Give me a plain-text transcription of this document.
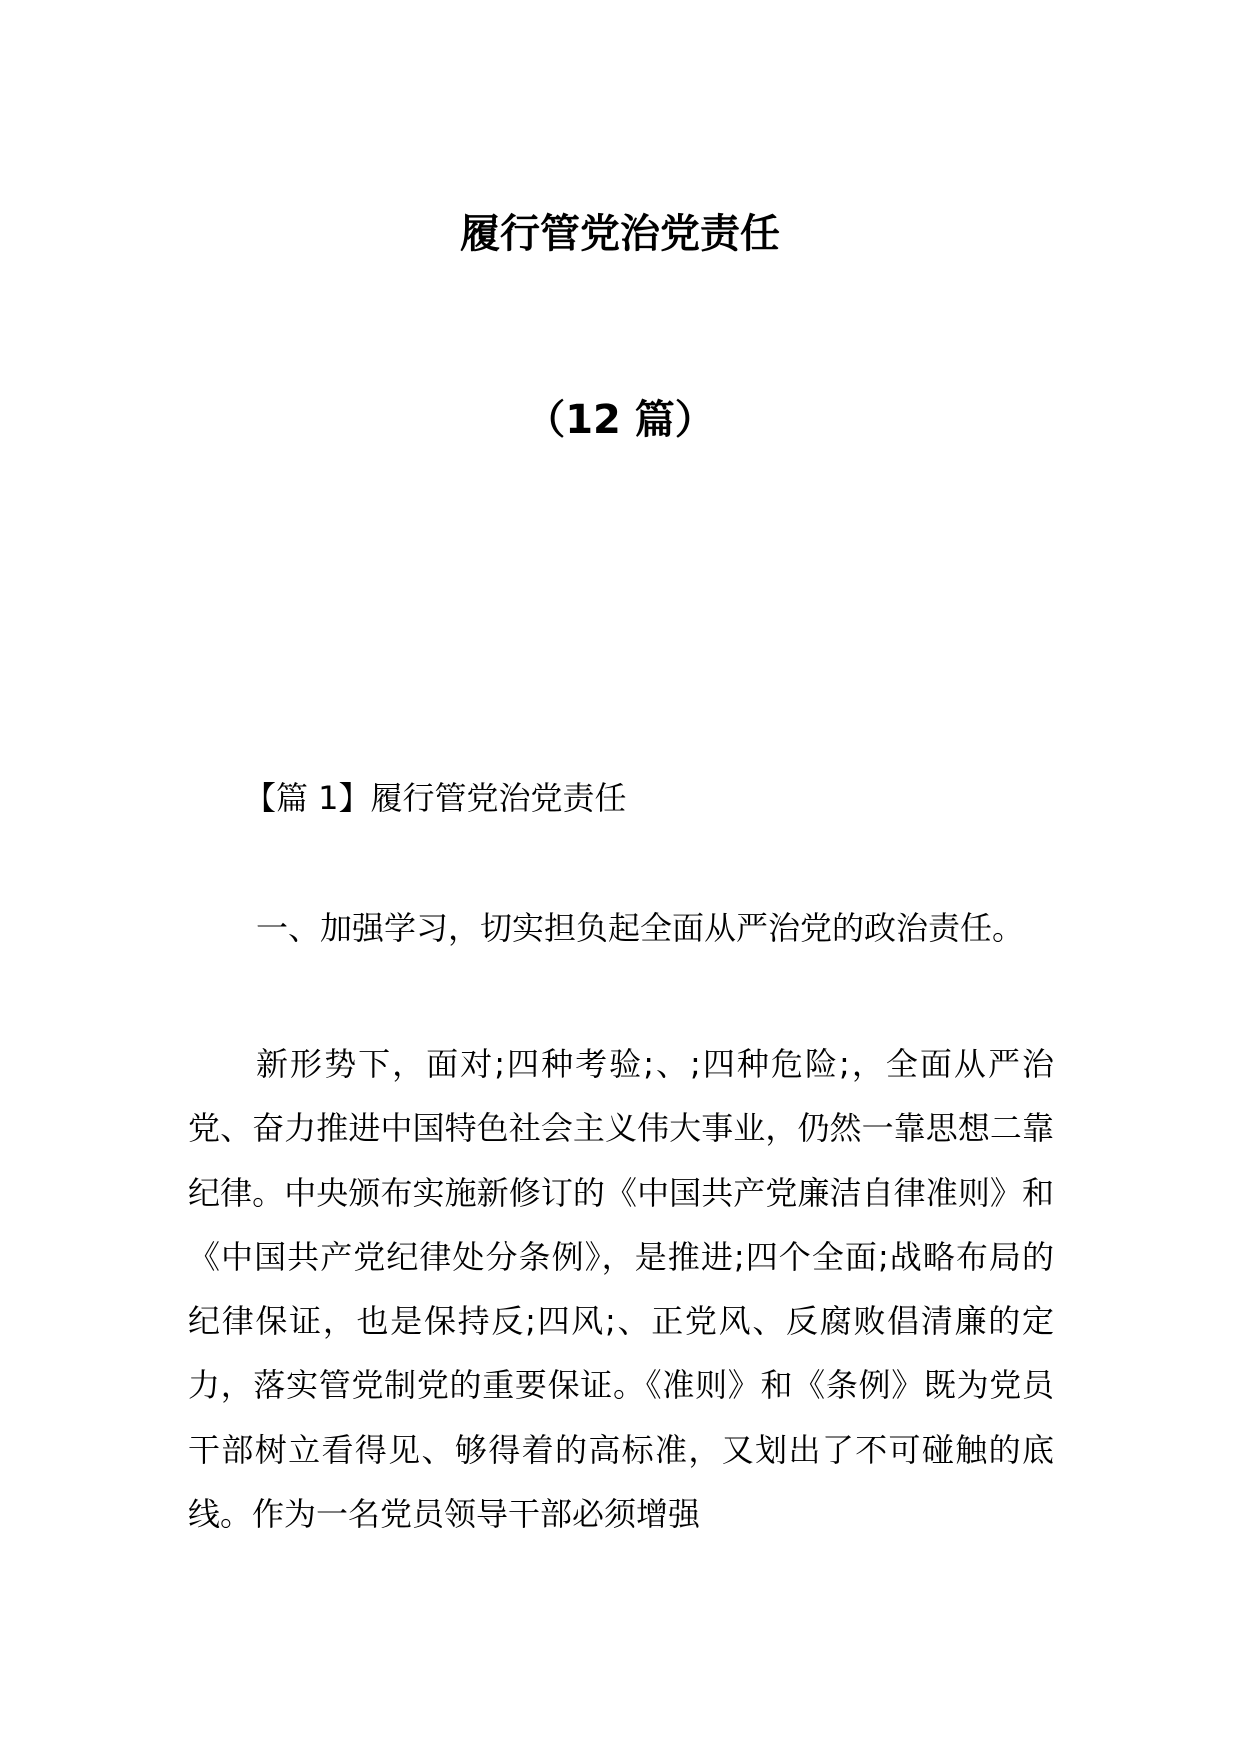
履行管党治党责任
（12 篇）

【篇 1】履行管党治党责任

一、加强学习，切实担负起全面从严治党的政治责任。

新形势下，面对;四种考验;、;四种危险;，全面从严治党、奋力推进中国特色社会主义伟大事业，仍然一靠思想二靠纪律。中央颁布实施新修订的《中国共产党廉洁自律准则》和《中国共产党纪律处分条例》，是推进;四个全面;战略布局的纪律保证，也是保持反;四风;、正党风、反腐败倡清廉的定力，落实管党制党的重要保证。《准则》和《条例》既为党员干部树立看得见、够得着的高标准，又划出了不可碰触的底线。作为一名党员领导干部必须增强
